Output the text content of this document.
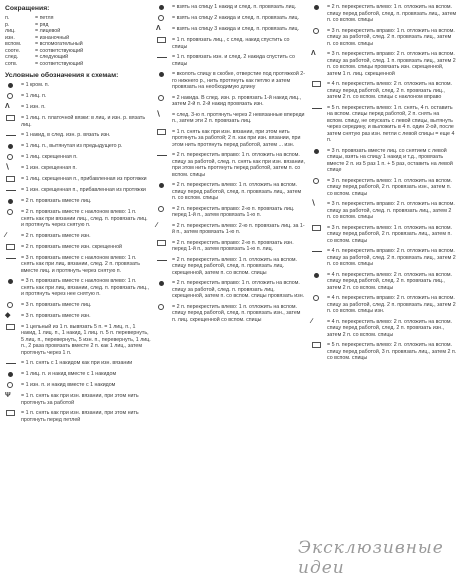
Сокращения:
п.	= петля
р.	= ряд
лиц.	= лицевой
изн.	= изнаночный
вспом.	= вспомогательный
сооте.	= соответствующий
след.	= следующий
сотв.	= соответствующий
Условные обозначения к схемам:
= 1 кром. п.
= 1 лиц. п.
Λ = 1 изн. п.
= 1 лиц. п. платочной вязки: в лиц. и изн. р. вязать лиц.
= 1 накид, в след. изн. р. вязать изн.
= 1 лиц. п., вытянутая из предыдущего р.
= 1 лиц. скрещенная п.
∖ = 1 изн. скрещенная п.
= 1 лиц. скрещенная п., прибавленная из протяжки
= 1 изн. скрещенная п., прибавленная из протяжки
= 2 п. провязать вместе лиц.
= 2 п. провязать вместе с наклоном влево: 1 п. снять как при вязании лиц., след. п. провязать лиц. и протянуть через снятую п.
∕	= 2 п. провязать вместе изн.
= 2 п. провязать вместе изн. скрещенной
= 3 п. провязать вместе с наклоном влево: 1 п. снять как при лиц. вязании, след. 2 п. провязать вместе лиц. и протянуть через снятую п.
= 3 п. провязать вместе с наклоном влево: 1 п. снять как при лиц. вязании, след. п. провязать лиц., и протянуть через нее снятую п.
= 3 п. провязать вместе лиц.
◆ = 3 п. провязать вместе изн.
= 1 цельный из 1 п. вывязать 5 п. = 1 лиц. п., 1 накид, 1 лиц. п., 1 накид, 1 лиц. п. 5 п. перевернуть, 5 лиц. п., перевернуть, 5 изн. п., перевернуть, 1 лиц. п., 2 раза провязать вместе 2 п. как 1 лиц., затем протянуть через 1 п.
= 1 п. снять с 1 накидом как при изн. вязании
= 1 лиц. п. и накид вместе с 1 накидом
= 1 изн. п. и накид вместе с 1 накидом
Ψ = 1 п. снять как при изн. вязании, при этом нить протянуть за работой
= 1 п. снять как при изн. вязании, при этом нить протянуть перед петлей
= взять на спицу 1 накид и след. п. провязать лиц.
= взять на спицу 2 накида и след. п. провязать лиц.
Λ = взять на спицу 3 накида и след. п. провязать лиц.
= 1 п. провязать лиц., с след. накид спустить со спицы
= 1 п. провязать изн. и след. 2 накида спустить со спицы
= вколоть спицу в скобке, отверстие под протяжкой 2-го нижнего р., нить протянуть как петлю и затем провязать на необходимую длину
= 2 накида. В след. изн. р. провязать 1-й накид лиц., затем 2-й п. 2-й накид провязать изн.
∖ = след. 3-ю п. протянуть через 2 невязанные впереди п., затем эти 2 п. провязать лиц.
= 1 п. снять как при изн. вязании, при этом нить протянуть за работой; 2 п. как при изн. вязании, при этом нить протянуть перед работой, затем ... изн.
= 2 п. перекрестить вправо: 1 п. отложить на вспом. спицу за работой, след. п. снять как при изн. вязании, при этом нить протянуть перед работой, затем п. со вспом. спицы
= 2 п. перекрестить влево: 1 п. отложить на вспом. спицу перед работой, след. п. провязать лиц., затем п. со вспом. спицы
= 2 п. перекрестить вправо: 2-ю п. провязать лиц. перед 1-й п., затем провязать 1-ю п.
∕	= 2 п. перекрестить влево: 2-ю п. провязать лиц. за 1-й п., затем провязать 1-ю п.
= 2 п. перекрестить вправо: 2-ю п. провязать изн. перед 1-й п., затем провязать 1-ю п. лиц.
= 2 п. перекрестить влево: 1 п. отложить на вспом. спицу перед работой, след. п. провязать лиц. скрещенной, затем п. со вспом. спицы
= 2 п. перекрестить вправо: 1 п. отложить на вспом. спицу за работой, след. п. провязать лиц. скрещенной, затем п. со вспом. спицы провязать изн.
= 2 п. перекрестить влево: 1 п. отложить на вспом. спицу перед работой, след. п. провязать изн., затем п. лиц. скрещенной со вспом. спицы
= 2 п. перекрестить влево: 1 п. отложить на вспом. спицу перед работой, след. п. провязать лиц., затем п. со вспом. спицы
= 3 п. перекрестить вправо: 1 п. отложить на вспом. спицу за работой, след. 2 п. провязать лиц., затем п. со вспом. спицы
Λ = 3 п. перекрестить вправо: 2 п. отложить на вспом. спицу за работой, след. 1 п. провязать лиц., затем 2 п. со вспом. спицы провязать изн. скрещенной, затем 1 п. лиц. скрещенной
= 4 п. перекрестить влево: 2 п. отложить на вспом. спицу перед работой, след. 2 п. провязать лиц., затем 2 п. со вспом. спицы с наклоном вправо
= 5 п. перекрестить влево: 1 п. снять, 4 п. оставить на вспом. спицы перед работой, 2 п. снять на вспом. спицу, не опускать с левой спицы, вытянуть через середину, и выложить в 4 п. один 2-ой, после затем снятую раз изн. петли с левой спицы = еще 4 п.
= 3 п. провязать вместе лиц. со снятием с левой спицы, взять на спицу 1 накид и т.д., провязать вместе 2 п. из 5 раз 1 п. + 5 раз, оставить на левой спице
= 3 п. перекрестить влево: 1 п. отложить на вспом. спицу перед работой, 2 п. провязать изн., затем п. со вспом. спицы
∖ = 3 п. перекрестить вправо: 2 п. отложить на вспом. спицу за работой, след. п. провязать лиц., затем 2 п. со вспом. спицы
= 3 п. перекрестить влево: 1 п. отложить на вспом. спицу перед работой, 2 п. провязать лиц., затем п. со вспом. спицы
= 4 п. перекрестить вправо: 2 п. отложить на вспом. спицу за работой, след. 2 п. провязать лиц., затем 2 п. со вспом. спицы
= 4 п. перекрестить влево: 2 п. отложить на вспом. спицу перед работой, след. 2 п. провязать лиц., затем 2 п. со вспом. спицы
= 4 п. перекрестить вправо: 2 п. отложить на вспом. спицу за работой, след. 2 п. провязать лиц., затем 2 п. со вспом. спицы изн.
∕	= 4 п. перекрестить влево: 2 п. отложить на вспом. спицу перед работой, след. 2 п. провязать изн., затем 2 п. со вспом. спицы
= 5 п. перекрестить влево: 2 п. отложить на вспом. спицу перед работой, 3 п. провязать лиц., затем 2 п. со вспом. спицы
Эксклюзивные идеи
